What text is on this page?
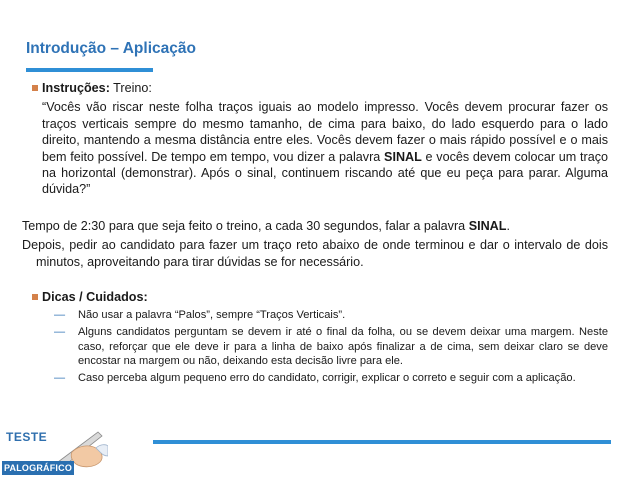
Introdução – Aplicação
Instruções: Treino:
“Vocês vão riscar neste folha traços iguais ao modelo impresso. Vocês devem procurar fazer os traços verticais sempre do mesmo tamanho, de cima para baixo, do lado esquerdo para o lado direito, mantendo a mesma distância entre eles. Vocês devem fazer o mais rápido possível e o mais bem feito possível. De tempo em tempo, vou dizer a palavra SINAL e vocês devem colocar um traço na horizontal (demonstrar). Após o sinal, continuem riscando até que eu peça para parar. Alguma dúvida?”
Tempo de 2:30 para que seja feito o treino, a cada 30 segundos, falar a palavra SINAL.
Depois, pedir ao candidato para fazer um traço reto abaixo de onde terminou e dar o intervalo de dois minutos, aproveitando para tirar dúvidas se for necessário.
Dicas / Cuidados:
— Não usar a palavra “Palos”, sempre “Traços Verticais”.
— Alguns candidatos perguntam se devem ir até o final da folha, ou se devem deixar uma margem. Neste caso, reforçar que ele deve ir para a linha de baixo após finalizar a de cima, sem deixar claro se deve encostar na margem ou não, deixando esta decisão livre para ele.
— Caso perceba algum pequeno erro do candidato, corrigir, explicar o correto e seguir com a aplicação.
TESTE
PALOGRÁFICO
